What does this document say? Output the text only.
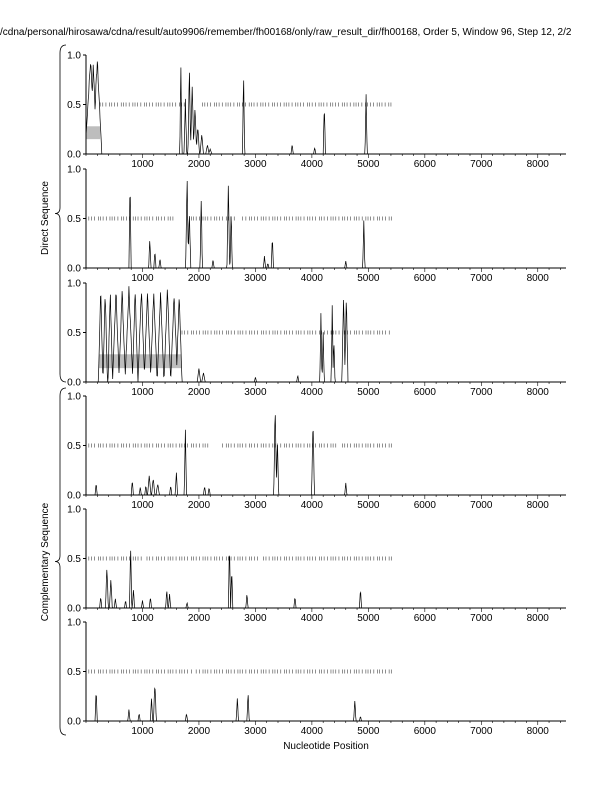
/cdna/personal/hirosawa/cdna/result/auto9906/remember/fh00168/only/raw_result_dir/fh00168, Order 5, Window 96, Step 12, 2/2
0.0
0.5
1.0
1000	2000	3000	4000	5000	6000	7000	8000
0.0
0.5
1.0
1000	2000	3000	4000	5000	6000	7000	8000
0.0
0.5
1.0
1000	2000	3000	4000	5000	6000	7000	8000
0.0
0.5
1.0
1000	2000	3000	4000	5000	6000	7000	8000
0.0
0.5
1.0
1000	2000	3000	4000	5000	6000	7000	8000
0.0
0.5
1.0
1000	2000	3000	4000	5000	6000	7000	8000
Direct Sequence
Complementary Sequence
Nucleotide Position
